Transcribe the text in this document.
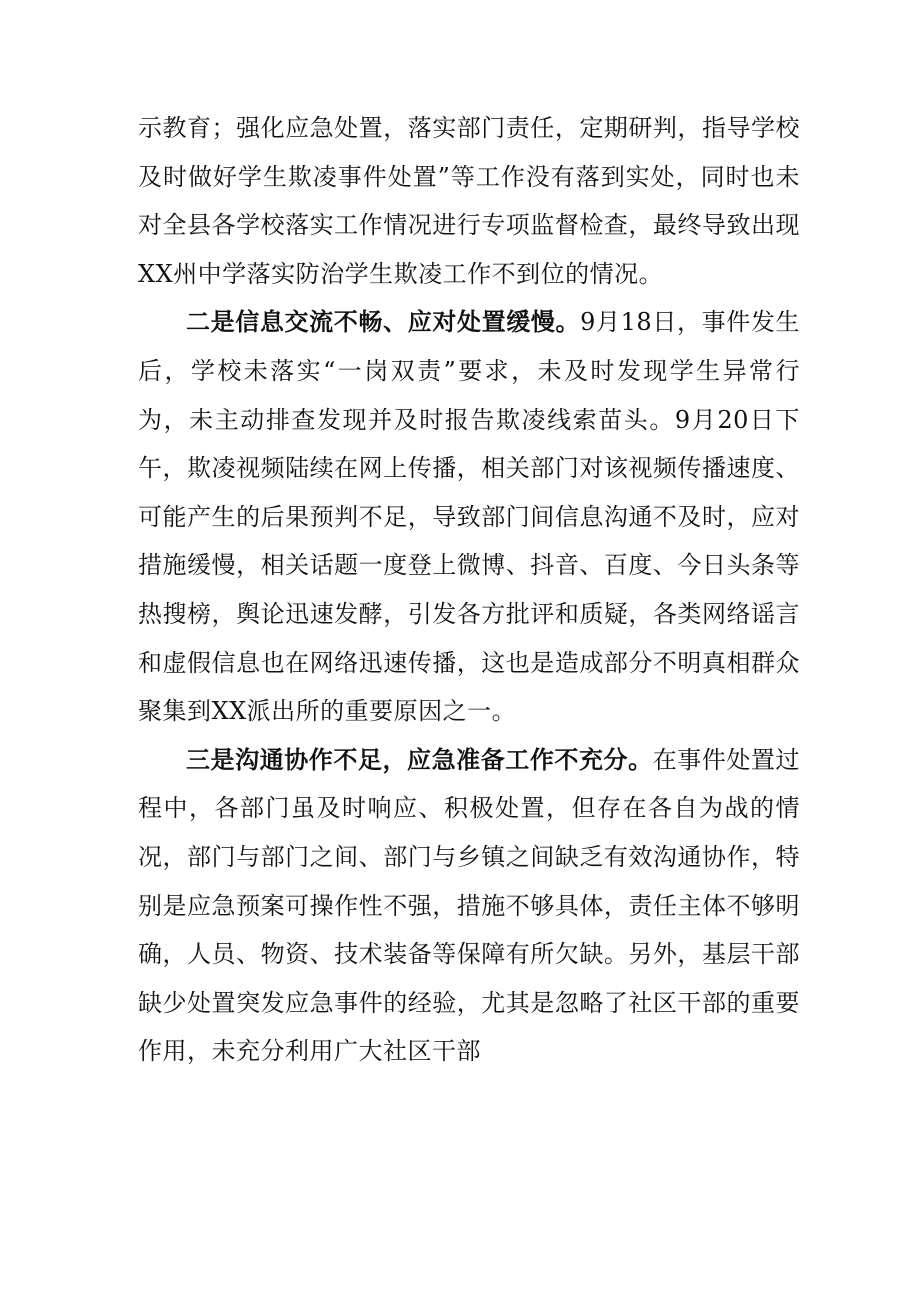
示教育；强化应急处置，落实部门责任，定期研判，指导学校及时做好学生欺凌事件处置”等工作没有落到实处，同时也未对全县各学校落实工作情况进行专项监督检查，最终导致出现XX州中学落实防治学生欺凌工作不到位的情况。

二是信息交流不畅、应对处置缓慢。9月18日，事件发生后，学校未落实“一岗双责”要求，未及时发现学生异常行为，未主动排查发现并及时报告欺凌线索苗头。9月20日下午，欺凌视频陆续在网上传播，相关部门对该视频传播速度、可能产生的后果预判不足，导致部门间信息沟通不及时，应对措施缓慢，相关话题一度登上微博、抖音、百度、今日头条等热搜榜，舆论迅速发酵，引发各方批评和质疑，各类网络谣言和虚假信息也在网络迅速传播，这也是造成部分不明真相群众聚集到XX派出所的重要原因之一。

三是沟通协作不足，应急准备工作不充分。在事件处置过程中，各部门虽及时响应、积极处置，但存在各自为战的情况，部门与部门之间、部门与乡镇之间缺乏有效沟通协作，特别是应急预案可操作性不强，措施不够具体，责任主体不够明确，人员、物资、技术装备等保障有所欠缺。另外，基层干部缺少处置突发应急事件的经验，尤其是忽略了社区干部的重要作用，未充分利用广大社区干部
